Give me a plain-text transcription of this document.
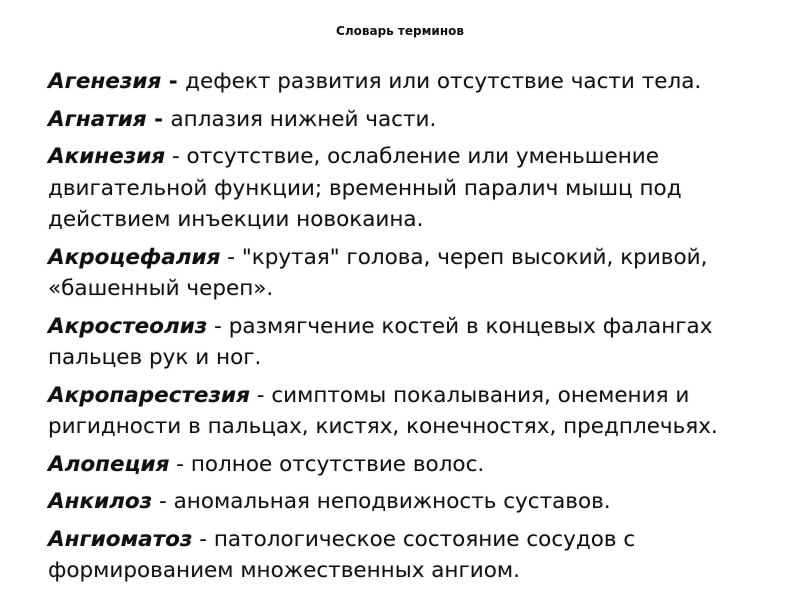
Словарь терминов
Агенезия - дефект развития или отсутствие части тела.
Агнатия - аплазия нижней части.
Акинезия - отсутствие, ослабление или уменьшение двигательной функции; временный паралич мышц под действием инъекции новокаина.
Акроцефалия - "крутая" голова, череп высокий, кривой, «башенный череп».
Акростеолиз - размягчение костей в концевых фалангах пальцев рук и ног.
Акропарестезия - симптомы покалывания, онемения и ригидности в пальцах, кистях, конечностях, предплечьях.
Алопеция - полное отсутствие волос.
Анкилоз - аномальная неподвижность суставов.
Ангиоматоз - патологическое состояние сосудов с формированием множественных ангиом.
